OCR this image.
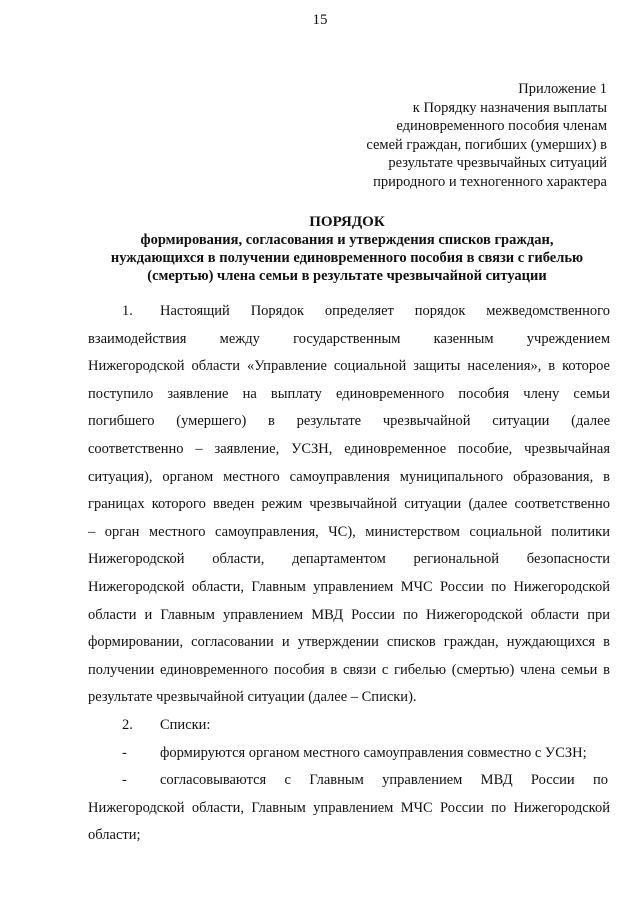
15
Приложение 1
к Порядку назначения выплаты
единовременного пособия членам
семей граждан, погибших (умерших) в
результате чрезвычайных ситуаций
природного и техногенного характера
ПОРЯДОК
формирования, согласования и утверждения списков граждан,
нуждающихся в получении единовременного пособия в связи с гибелью
(смертью) члена семьи в результате чрезвычайной ситуации
1. Настоящий Порядок определяет порядок межведомственного
взаимодействия между государственным казенным учреждением
Нижегородской области «Управление социальной защиты населения», в которое
поступило заявление на выплату единовременного пособия члену семьи
погибшего (умершего) в результате чрезвычайной ситуации (далее
соответственно – заявление, УСЗН, единовременное пособие, чрезвычайная
ситуация), органом местного самоуправления муниципального образования, в
границах которого введен режим чрезвычайной ситуации (далее соответственно
– орган местного самоуправления, ЧС), министерством социальной политики
Нижегородской области, департаментом региональной безопасности
Нижегородской области, Главным управлением МЧС России по Нижегородской
области и Главным управлением МВД России по Нижегородской области при
формировании, согласовании и утверждении списков граждан, нуждающихся в
получении единовременного пособия в связи с гибелью (смертью) члена семьи в
результате чрезвычайной ситуации (далее – Списки).
2. Списки:
- формируются органом местного самоуправления совместно с УСЗН;
- согласовываются с Главным управлением МВД России по
Нижегородской области, Главным управлением МЧС России по Нижегородской
области;
